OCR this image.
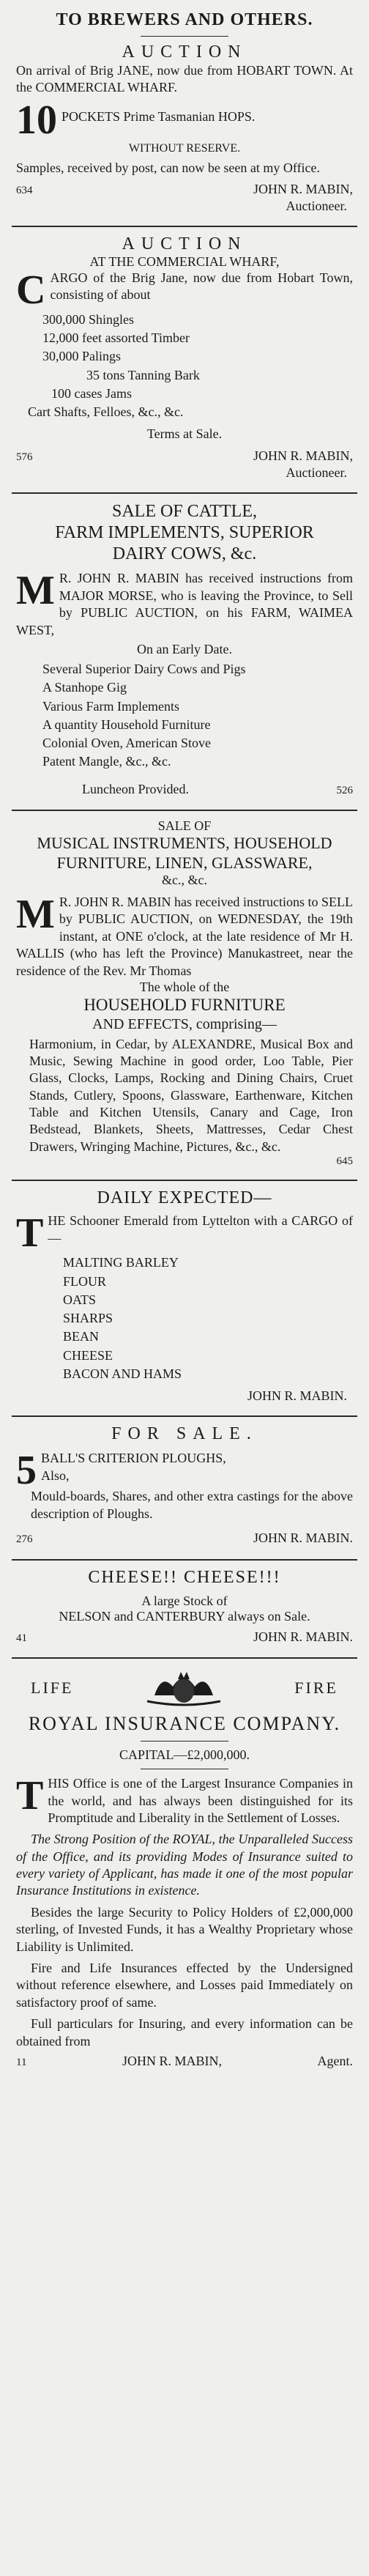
TO BREWERS AND OTHERS.
AUCTION
On arrival of Brig JANE, now due from HOBART TOWN. At the COMMERCIAL WHARF.
10 POCKETS Prime Tasmanian HOPS.
WITHOUT RESERVE.
Samples, received by post, can now be seen at my Office.
634	JOHN R. MABIN,
Auctioneer.
AUCTION
AT THE COMMERCIAL WHARF,
C ARGO of the Brig Jane, now due from Hobart Town, consisting of about
300,000 Shingles
12,000 feet assorted Timber
30,000 Palings
35 tons Tanning Bark
100 cases Jams
Cart Shafts, Felloes, &c., &c.
Terms at Sale.
576	JOHN R. MABIN,
Auctioneer.
SALE OF CATTLE,
FARM IMPLEMENTS, SUPERIOR
DAIRY COWS, &c.
M R. JOHN R. MABIN has received instructions from MAJOR MORSE, who is leaving the Province, to Sell by PUBLIC AUCTION, on his FARM, WAIMEA WEST,
On an Early Date.
Several Superior Dairy Cows and Pigs
A Stanhope Gig
Various Farm Implements
A quantity Household Furniture
Colonial Oven, American Stove
Patent Mangle, &c., &c.
Luncheon Provided.	526
SALE OF
MUSICAL INSTRUMENTS, HOUSEHOLD
FURNITURE, LINEN, GLASSWARE,
&c., &c.
M R. JOHN R. MABIN has received instructions to SELL by PUBLIC AUCTION, on WEDNESDAY, the 19th instant, at ONE o'clock, at the late residence of Mr H. WALLIS (who has left the Province) Manukastreet, near the residence of the Rev. Mr Thomas
The whole of the
HOUSEHOLD FURNITURE
AND EFFECTS, comprising—
Harmonium, in Cedar, by ALEXANDRE, Musical Box and Music, Sewing Machine in good order, Loo Table, Pier Glass, Clocks, Lamps, Rocking and Dining Chairs, Cruet Stands, Cutlery, Spoons, Glassware, Earthenware, Kitchen Table and Kitchen Utensils, Canary and Cage, Iron Bedstead, Blankets, Sheets, Mattresses, Cedar Chest Drawers, Wringing Machine, Pictures, &c., &c.
645
DAILY EXPECTED—
T HE Schooner Emerald from Lyttelton with a CARGO of—
MALTING BARLEY
FLOUR
OATS
SHARPS
BEAN
CHEESE
BACON AND HAMS
JOHN R. MABIN.
FOR SALE.
5 BALL'S CRITERION PLOUGHS,
Also,
Mould-boards, Shares, and other extra castings for the above description of Ploughs.
276	JOHN R. MABIN.
CHEESE!! CHEESE!!!
A large Stock of
NELSON and CANTERBURY always on Sale.
41	JOHN R. MABIN.
LIFE	FIRE
ROYAL INSURANCE COMPANY.
CAPITAL—£2,000,000.
T HIS Office is one of the Largest Insurance Companies in the world, and has always been distinguished for its Promptitude and Liberality in the Settlement of Losses.
The Strong Position of the ROYAL, the Unparalleled Success of the Office, and its providing Modes of Insurance suited to every variety of Applicant, has made it one of the most popular Insurance Institutions in existence.
Besides the large Security to Policy Holders of £2,000,000 sterling, of Invested Funds, it has a Wealthy Proprietary whose Liability is Unlimited.
Fire and Life Insurances effected by the Undersigned without reference elsewhere, and Losses paid Immediately on satisfactory proof of same.
Full particulars for Insuring, and every information can be obtained from
11	JOHN R. MABIN,	Agent.
